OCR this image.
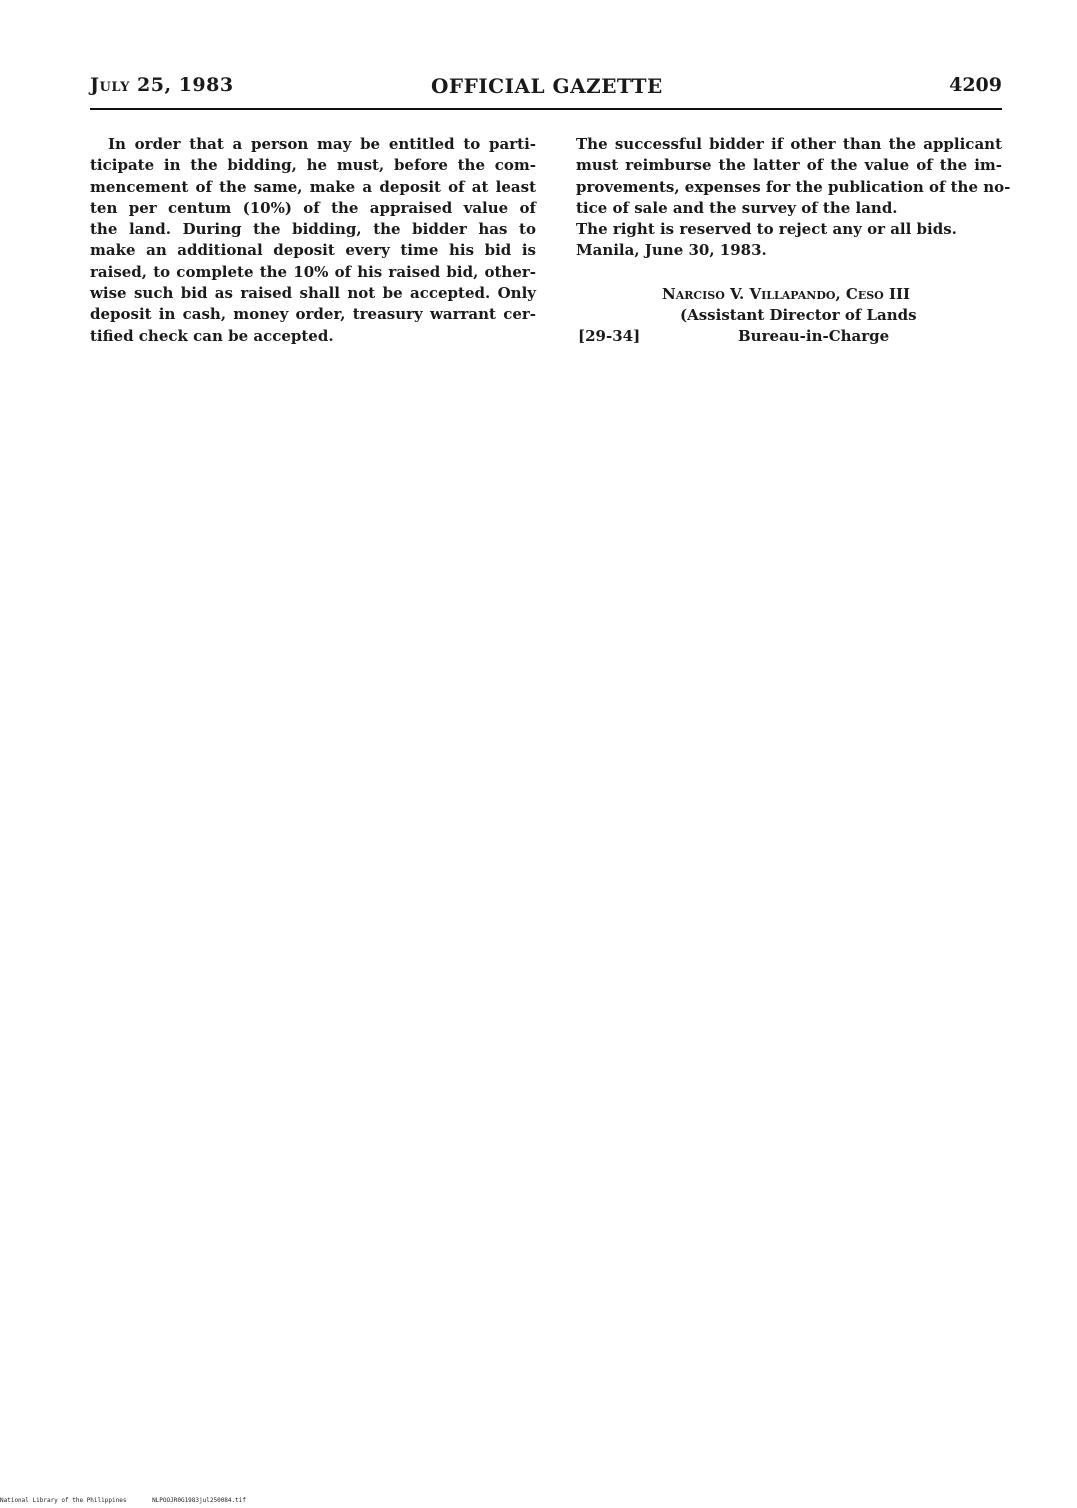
July 25, 1983	OFFICIAL GAZETTE	4209
In order that a person may be entitled to parti-
ticipate in the bidding, he must, before the com-
mencement of the same, make a deposit of at least
ten per centum (10%) of the appraised value of
the land. During the bidding, the bidder has to
make an additional deposit every time his bid is
raised, to complete the 10% of his raised bid, other-
wise such bid as raised shall not be accepted. Only
deposit in cash, money order, treasury warrant cer-
tified check can be accepted.
The successful bidder if other than the applicant
must reimburse the latter of the value of the im-
provements, expenses for the publication of the no-
tice of sale and the survey of the land.
The right is reserved to reject any or all bids.
Manila, June 30, 1983.
Narciso V. Villapando, Ceso III
(Assistant Director of Lands
[29-34]	Bureau-in-Charge
National Library of the Philippines	NLPOOJR0G1983jul250084.tif
